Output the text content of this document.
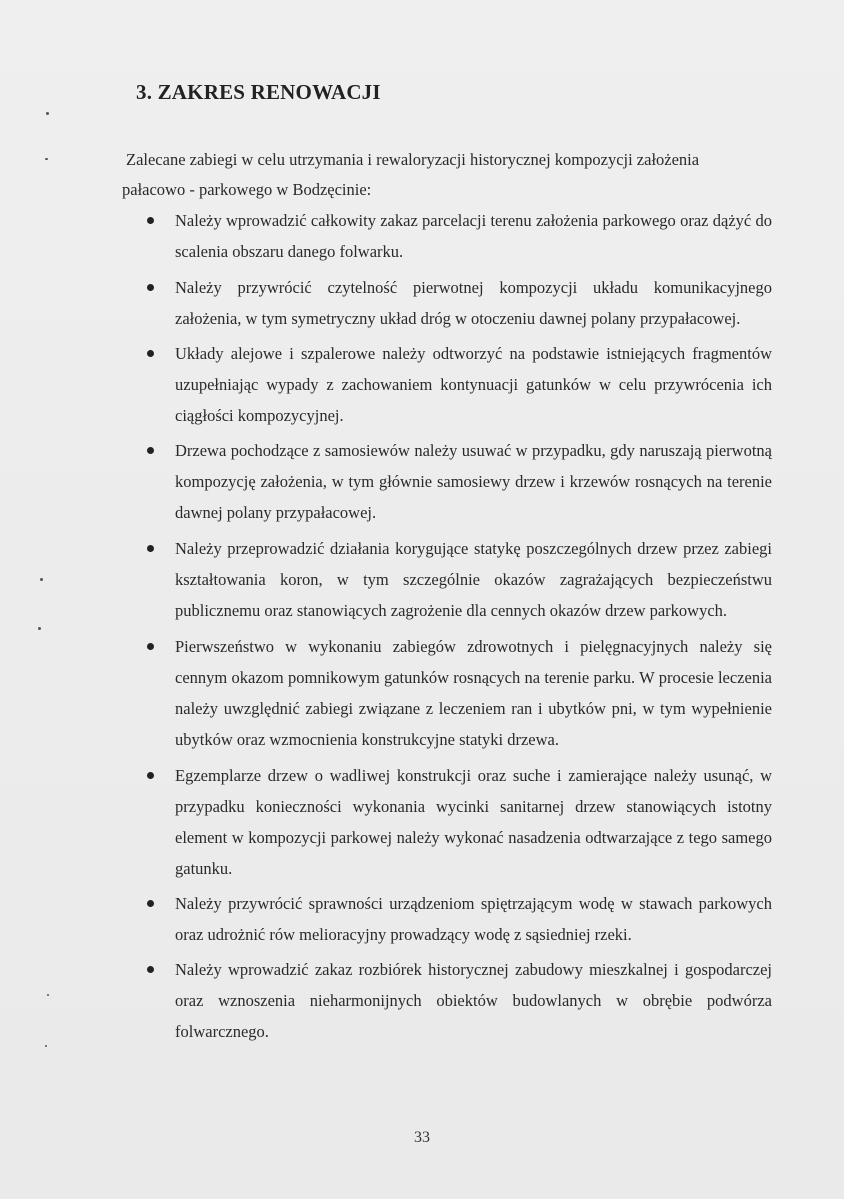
3. ZAKRES RENOWACJI
Zalecane zabiegi w celu utrzymania i rewaloryzacji historycznej kompozycji założenia
pałacowo - parkowego w Bodzęcinie:
Należy wprowadzić całkowity zakaz parcelacji terenu założenia parkowego oraz dążyć do scalenia obszaru danego folwarku.
Należy przywrócić czytelność pierwotnej kompozycji układu komunikacyjnego założenia, w tym symetryczny układ dróg w otoczeniu dawnej polany przypałacowej.
Układy alejowe i szpalerowe należy odtworzyć na podstawie istniejących fragmentów uzupełniając wypady z zachowaniem kontynuacji gatunków w celu przywrócenia ich ciągłości kompozycyjnej.
Drzewa pochodzące z samosiewów należy usuwać w przypadku, gdy naruszają pierwotną kompozycję założenia, w tym głównie samosiewy drzew i krzewów rosnących na terenie dawnej polany przypałacowej.
Należy przeprowadzić działania korygujące statykę poszczególnych drzew przez zabiegi kształtowania koron, w tym szczególnie okazów zagrażających bezpieczeństwu publicznemu oraz stanowiących zagrożenie dla cennych okazów drzew parkowych.
Pierwszeństwo w wykonaniu zabiegów zdrowotnych i pielęgnacyjnych należy się cennym okazom pomnikowym gatunków rosnących na terenie parku. W procesie leczenia należy uwzględnić zabiegi związane z leczeniem ran i ubytków pni, w tym wypełnienie ubytków oraz wzmocnienia konstrukcyjne statyki drzewa.
Egzemplarze drzew o wadliwej konstrukcji oraz suche i zamierające należy usunąć, w przypadku konieczności wykonania wycinki sanitarnej drzew stanowiących istotny element w kompozycji parkowej należy wykonać nasadzenia odtwarzające z tego samego gatunku.
Należy przywrócić sprawności urządzeniom spiętrzającym wodę w stawach parkowych oraz udrożnić rów melioracyjny prowadzący wodę z sąsiedniej rzeki.
Należy wprowadzić zakaz rozbiórek historycznej zabudowy mieszkalnej i gospodarczej oraz wznoszenia nieharmonijnych obiektów budowlanych w obrębie podwórza folwarcznego.
33
